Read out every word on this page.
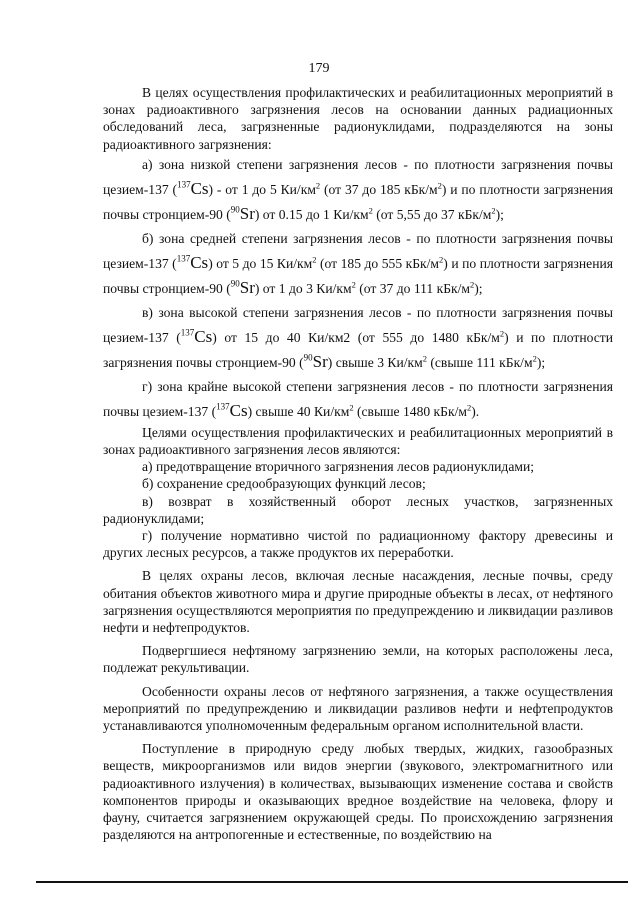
179

В целях осуществления профилактических и реабилитационных мероприятий в зонах радиоактивного загрязнения лесов на основании данных радиационных обследований леса, загрязненные радионуклидами, подразделяются на зоны радиоактивного загрязнения:

а) зона низкой степени загрязнения лесов - по плотности загрязнения почвы цезием-137 ($^{137}$Cs) - от 1 до 5 $Ки/км^2$ (от 37 до 185 кБк/$м^2$) и по плотности загрязнения почвы стронцием-90 ($^{90}$Sr) от 0.15 до 1 $Ки/км^2$ (от 5,55 до 37 кБк/$м^2$);

б) зона средней степени загрязнения лесов - по плотности загрязнения почвы цезием-137 ($^{137}$Cs) от 5 до 15 $Ки/км^2$ (от 185 до 555 кБк/$м^2$) и по плотности загрязнения почвы стронцием-90 ($^{90}$Sr) от 1 до 3 $Ки/км^2$ (от 37 до 111 кБк/$м^2$);

в) зона высокой степени загрязнения лесов - по плотности загрязнения почвы цезием-137 ($^{137}$Cs) от 15 до 40 Ки/км2 (от 555 до 1480 кБк/$м^2$) и по плотности загрязнения почвы стронцием-90 ($^{90}$Sr) свыше 3 $Ки/км^2$ (свыше 111 кБк/$м^2$);

г) зона крайне высокой степени загрязнения лесов - по плотности загрязнения почвы цезием-137 ($^{137}$Cs) свыше 40 $Ки/км^2$ (свыше 1480 кБк/$м^2$).

Целями осуществления профилактических и реабилитационных мероприятий в зонах радиоактивного загрязнения лесов являются:

а) предотвращение вторичного загрязнения лесов радионуклидами;

б) сохранение средообразующих функций лесов;

в) возврат в хозяйственный оборот лесных участков, загрязненных радионуклидами;

г) получение нормативно чистой по радиационному фактору древесины и других лесных ресурсов, а также продуктов их переработки.

В целях охраны лесов, включая лесные насаждения, лесные почвы, среду обитания объектов животного мира и другие природные объекты в лесах, от нефтяного загрязнения осуществляются мероприятия по предупреждению и ликвидации разливов нефти и нефтепродуктов.

Подвергшиеся нефтяному загрязнению земли, на которых расположены леса, подлежат рекультивации.

Особенности охраны лесов от нефтяного загрязнения, а также осуществления мероприятий по предупреждению и ликвидации разливов нефти и нефтепродуктов устанавливаются уполномоченным федеральным органом исполнительной власти.

Поступление в природную среду любых твердых, жидких, газообразных веществ, микроорганизмов или видов энергии (звукового, электромагнитного или радиоактивного излучения) в количествах, вызывающих изменение состава и свойств компонентов природы и оказывающих вредное воздействие на человека, флору и фауну, считается загрязнением окружающей среды. По происхождению загрязнения разделяются на антропогенные и естественные, по воздействию на
